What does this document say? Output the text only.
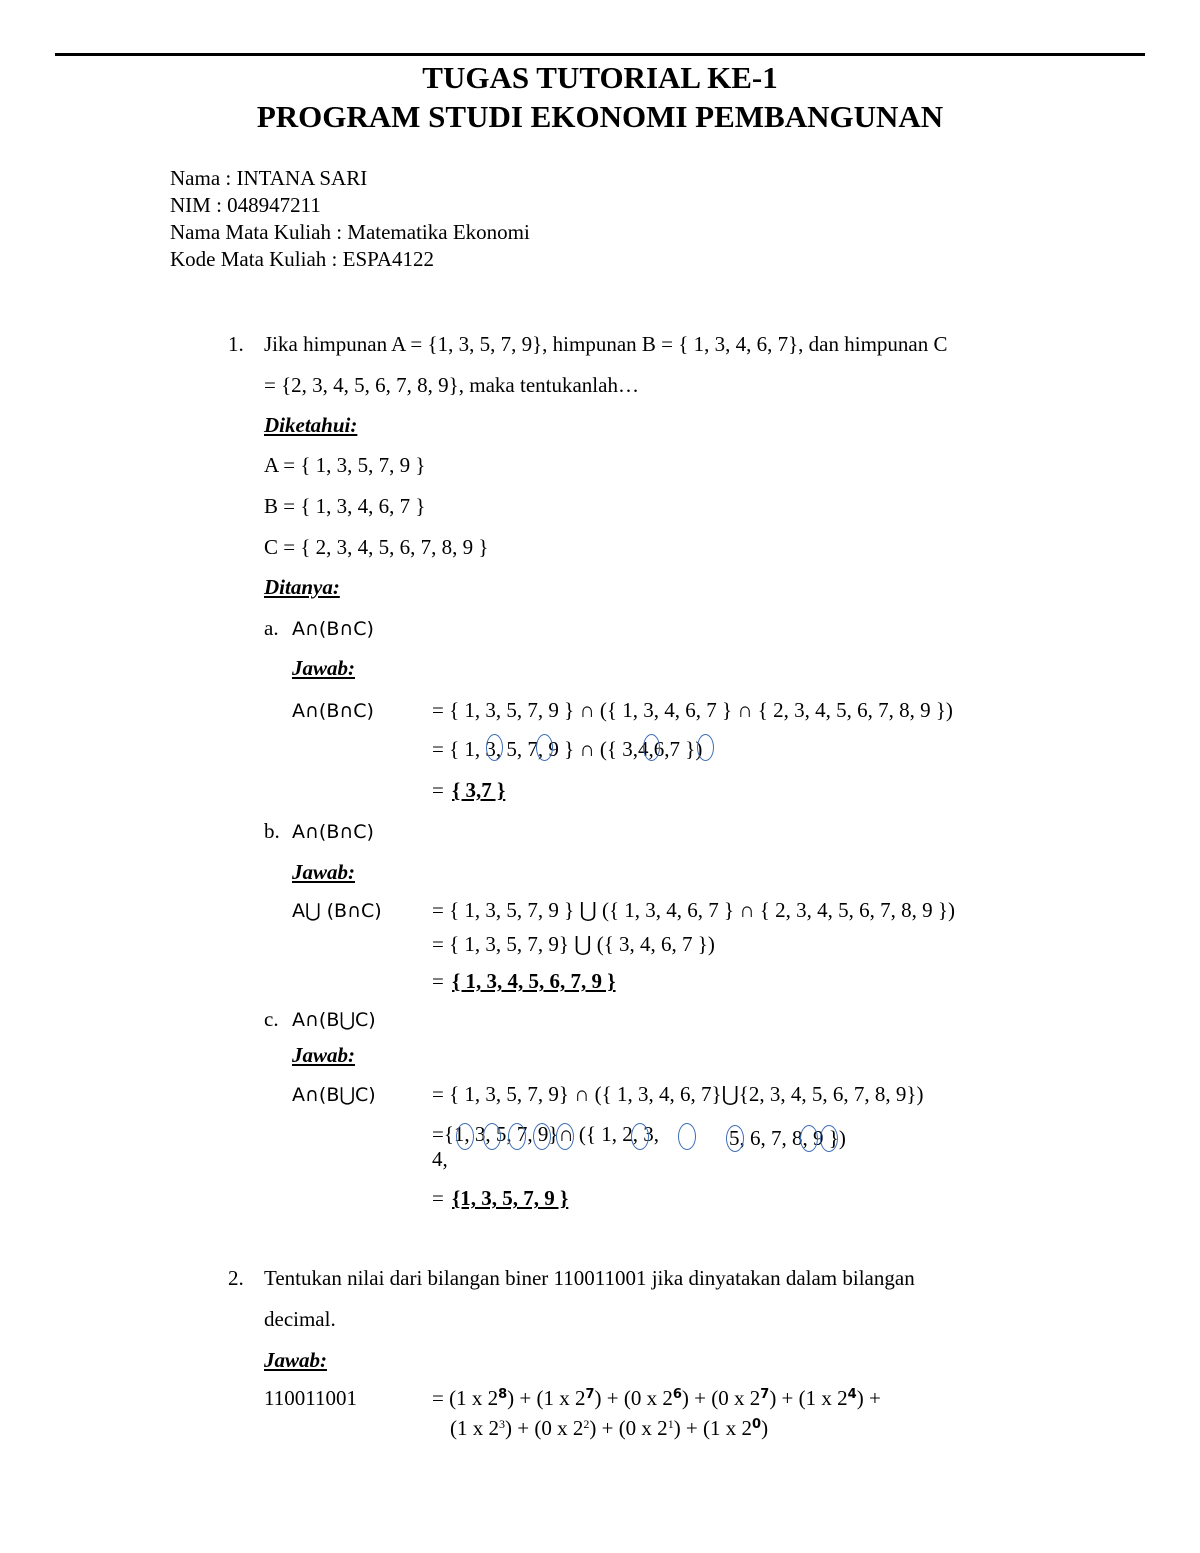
TUGAS TUTORIAL KE-1
PROGRAM STUDI EKONOMI PEMBANGUNAN
Nama : INTANA SARI
NIM : 048947211
Nama Mata Kuliah : Matematika Ekonomi
Kode Mata Kuliah : ESPA4122
1. Jika himpunan A = {1, 3, 5, 7, 9}, himpunan B = { 1, 3, 4, 6, 7}, dan himpunan C
= {2, 3, 4, 5, 6, 7, 8, 9}, maka tentukanlah…
Diketahui:
A = { 1, 3, 5, 7, 9 }
B = { 1, 3, 4, 6, 7 }
C = { 2, 3, 4, 5, 6, 7, 8, 9 }
Ditanya:
a. A∩(B∩C)
Jawab:
A∩(B∩C)	= { 1, 3, 5, 7, 9 } ∩ ({ 1, 3, 4, 6, 7 } ∩ { 2, 3, 4, 5, 6, 7, 8, 9 })
= { 1, 3, 5, 7, 9 } ∩ ({ 3,4,6,7 })
= { 3,7 }
b. A∩(B∩C)
Jawab:
A⋃ (B∩C) = { 1, 3, 5, 7, 9 } ⋃ ({ 1, 3, 4, 6, 7 } ∩ { 2, 3, 4, 5, 6, 7, 8, 9 })
= { 1, 3, 5, 7, 9} ⋃ ({ 3, 4, 6, 7 })
= { 1, 3, 4, 5, 6, 7, 9 }
c. A∩(B⋃C)
Jawab:
A∩(B⋃C)	= { 1, 3, 5, 7, 9} ∩ ({ 1, 3, 4, 6, 7}⋃{2, 3, 4, 5, 6, 7, 8, 9})
={1, 3, 5, 7, 9}∩ ({ 1, 2, 3,	5, 6, 7, 8, 9 })
4,
= {1, 3, 5, 7, 9 }
2. Tentukan nilai dari bilangan biner 110011001 jika dinyatakan dalam bilangan
decimal.
Jawab:
110011001	= (1 x $2^8) + (1$ x $2^7) + (0$ x $2^6) + (0$ x $2^7) + (1$ x $2^4$) +
(1 x $2^3) + (0$ x $2^2) + (0$ x $2^1) + (1$ x $2^0$)
